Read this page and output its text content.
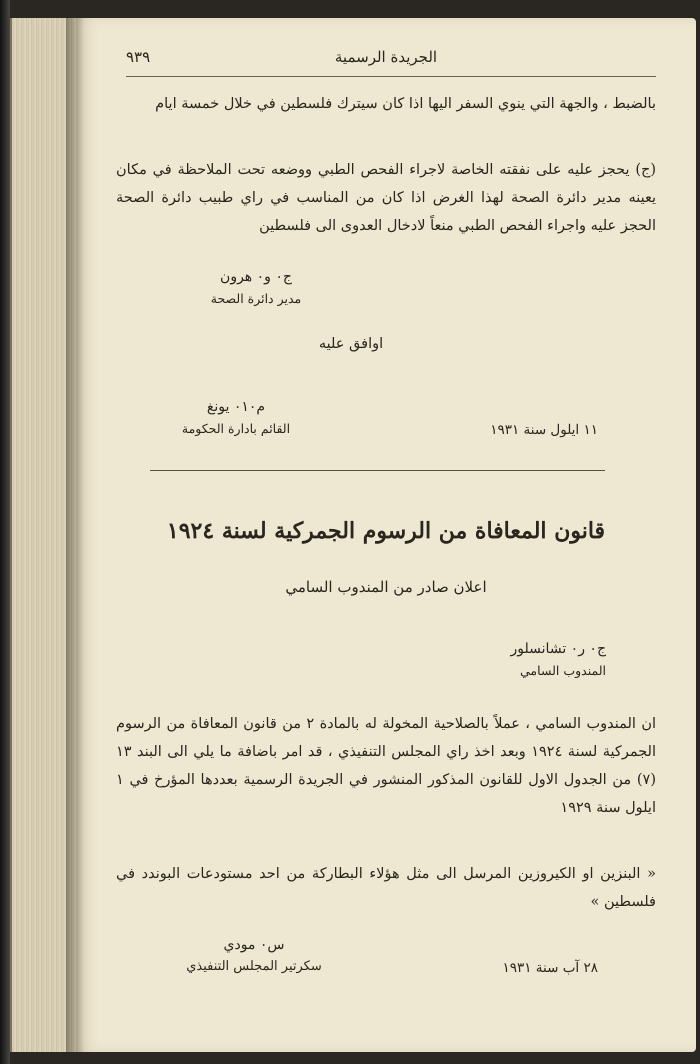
الجريدة الرسمية
٩٣٩
بالضبط ، والجهة التي ينوي السفر اليها اذا كان سيترك فلسطين في خلال خمسة ايام
(ج) يحجز عليه على نفقته الخاصة لاجراء الفحص الطبي ووضعه تحت الملاحظة في مكان يعينه مدير دائرة الصحة لهذا الغرض اذا كان من المناسب في راي طبيب دائرة الصحة الحجز عليه واجراء الفحص الطبي منعاً لادخال العدوى الى فلسطين
ج٠ و٠ هرون
مدير دائرة الصحة
اوافق عليه
م٠١٠ يونغ
القائم بادارة الحكومة	١١ ايلول سنة ١٩٣١
قانون المعافاة من الرسوم الجمركية لسنة ١٩٢٤
اعلان صادر من المندوب السامي
ج٠ ر٠ تشانسلور
المندوب السامي
ان المندوب السامي ، عملاً بالصلاحية المخولة له بالمادة ٢ من قانون المعافاة من الرسوم الجمركية لسنة ١٩٢٤ وبعد اخذ راي المجلس التنفيذي ، قد امر باضافة ما يلي الى البند ١٣ (٧) من الجدول الاول للقانون المذكور المنشور في الجريدة الرسمية بعددها المؤرخ في ١ ايلول سنة ١٩٢٩
« البنزين او الكيروزين المرسل الى مثل هؤلاء البطاركة من احد مستودعات البوندد في فلسطين »
س٠ مودي
سكرتير المجلس التنفيذي	٢٨ آب سنة ١٩٣١
